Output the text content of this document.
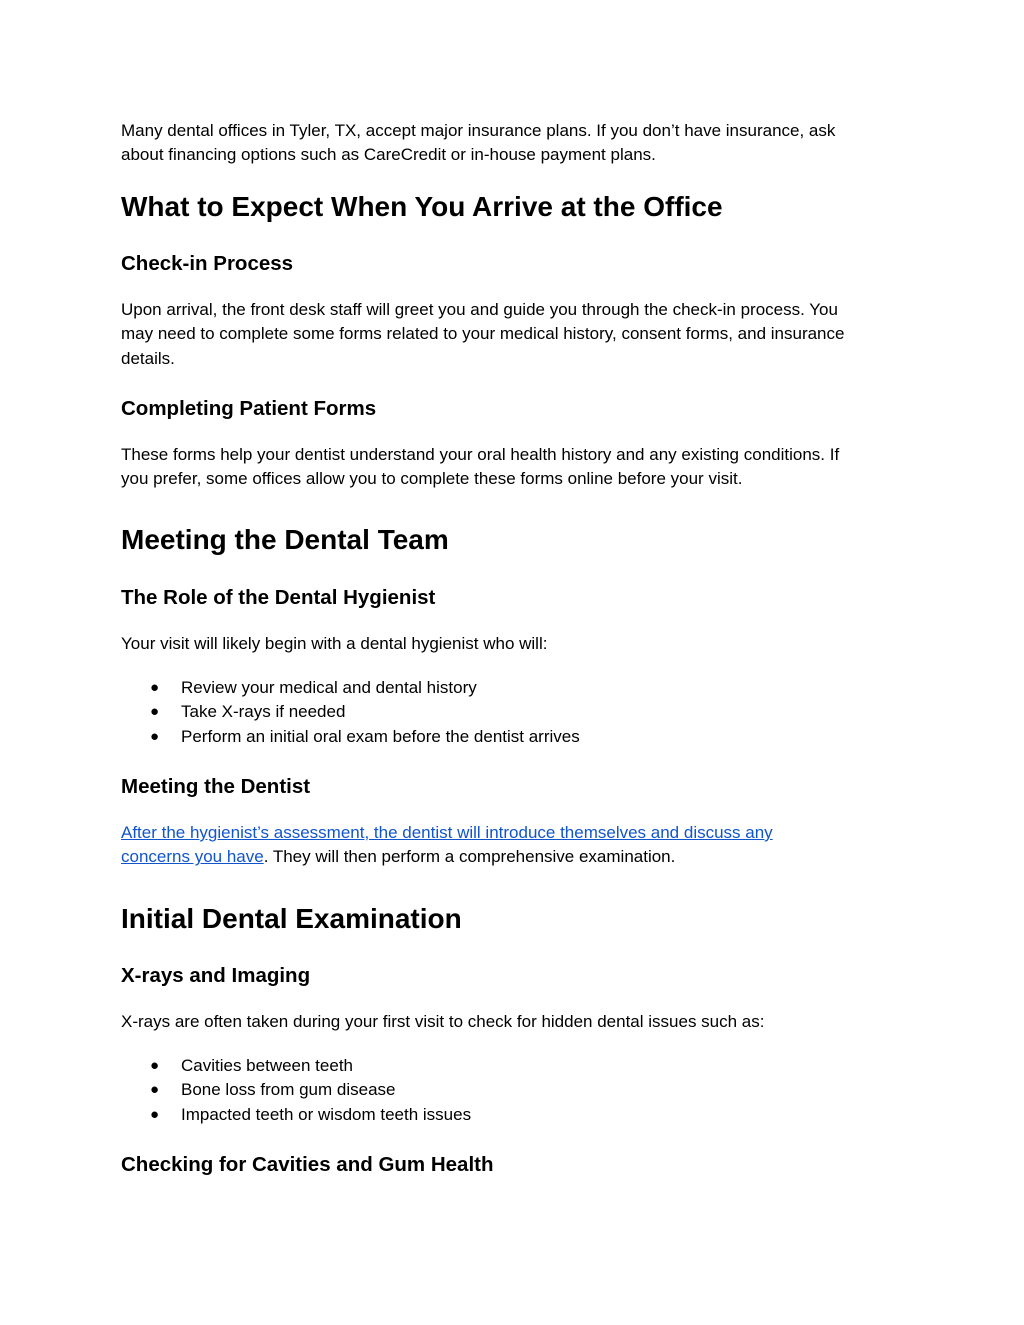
Many dental offices in Tyler, TX, accept major insurance plans. If you don’t have insurance, ask

about financing options such as CareCredit or in-house payment plans.

What to Expect When You Arrive at the Office
Check-in Process

Upon arrival, the front desk staff will greet you and guide you through the check-in process. You

may need to complete some forms related to your medical history, consent forms, and insurance

details.

Completing Patient Forms

These forms help your dentist understand your oral health history and any existing conditions. If

you prefer, some offices allow you to complete these forms online before your visit.

Meeting the Dental Team
The Role of the Dental Hygienist

Your visit will likely begin with a dental hygienist who will:

● Review your medical and dental history
● Take X-rays if needed
● Perform an initial oral exam before the dentist arrives
Meeting the Dentist

After the hygienist’s assessment, the dentist will introduce themselves and discuss any

concerns you have. They will then perform a comprehensive examination.

Initial Dental Examination
X-rays and Imaging

X-rays are often taken during your first visit to check for hidden dental issues such as:

● Cavities between teeth
● Bone loss from gum disease
● Impacted teeth or wisdom teeth issues
Checking for Cavities and Gum Health
